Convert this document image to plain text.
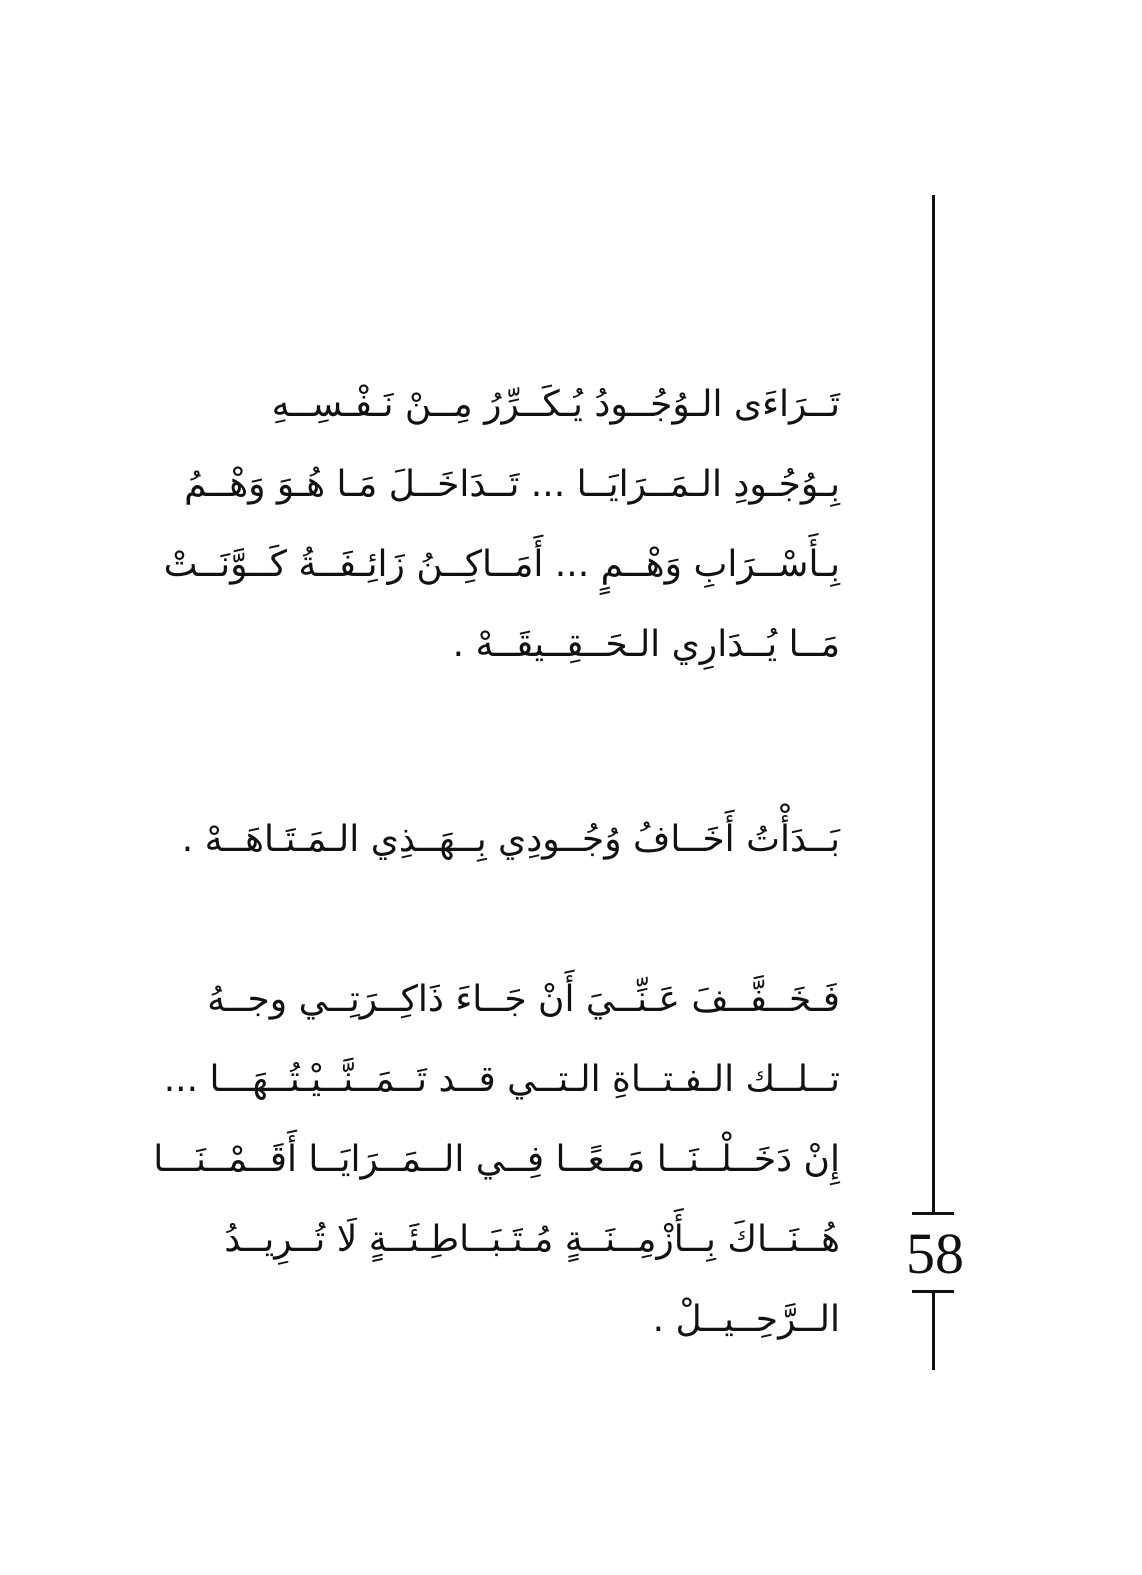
تَــرَاءَى الـوُجُــودُ يُـكَــرِّرُ مِــنْ نَـفْـسِــهِ
بِـوُجُـودِ الـمَــرَايَــا ... تَــدَاخَــلَ مَـا هُـوَ وَهْــمُ
بِـأَسْــرَابِ وَهْــمٍ ... أَمَــاكِــنُ زَائِـفَــةُ كَــوَّنَــتْ
مَــا يُــدَارِي الـحَــقِــيقَــهْ .
بَــدَأْتُ أَخَــافُ وُجُــودِي بِــهَــذِي الـمَـتَـاهَــهْ .
فَـخَــفَّــفَ عَـنِّــيَ أَنْ جَــاءَ ذَاكِــرَتِــي وجــهُ
تــلــك الـفـتــاةِ الـتــي قــد تَــمَــنَّــيْـتُــهَـــا ...
إِنْ دَخَــلْــنَــا مَــعًــا فِــي الــمَــرَايَــا أَقَــمْــنَـــا
هُــنَــاكَ بِــأَزْمِــنَــةٍ مُـتَـبَــاطِـئَــةٍ لَا تُــرِيــدُ
الــرَّحِــيــلْ .
58
